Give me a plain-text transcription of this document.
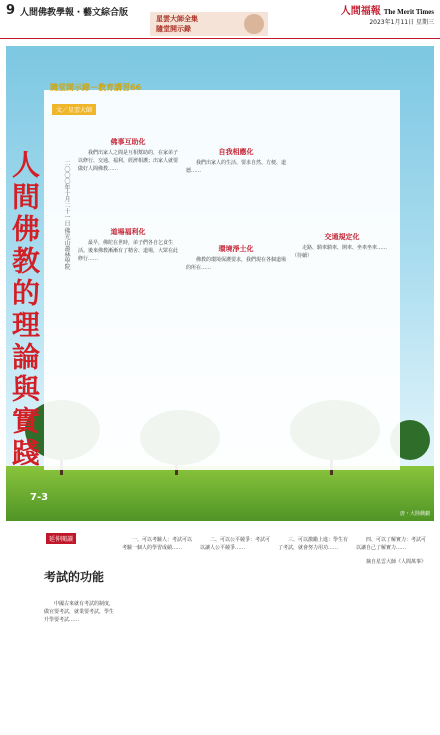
9 人間佛教學報・藝文綜合版
星雲大師全集
隨堂開示錄
人間福報 The Merit Times
2023年1月11日 星期三
隨堂開示錄－教育講習66
文／星雲大師
人間佛教的理論與實踐	二〇〇〇年十月二十一日 佛光山叢林學院
7-3
佛事互助化

我們出家人之間是互相幫助的，在家弟子以修行、交通、福利、經濟相護；出家人就要做好人間佛教……

道場福利化

最早，佛陀在世時，弟子們各自乞食生活。後來佛教漸漸有了精舍、道場，大眾在此修行……

自我相應化

我們出家人的生活、要求自然、方便、道德……

環境淨土化

佛教的環境保護要求，我們現在各個道場的所在……

交通規定化

走路、騎車騎車、開車、坐車坐車…… （待續）

唐・大陸戲劇
延伸閱讀
考試的功能

中國古來就有考試的制度，做官要考試，就業要考試，學生升學要考試……

一、可以考驗人：考試可以考驗一個人的學習成績……

二、可以公平競爭：考試可以讓人公平競爭……

三、可以激勵上進：學生有了考試，就會努力用功……

四、可以了解實力：考試可以讓自己了解實力……

摘自星雲大師《人間萬事》
